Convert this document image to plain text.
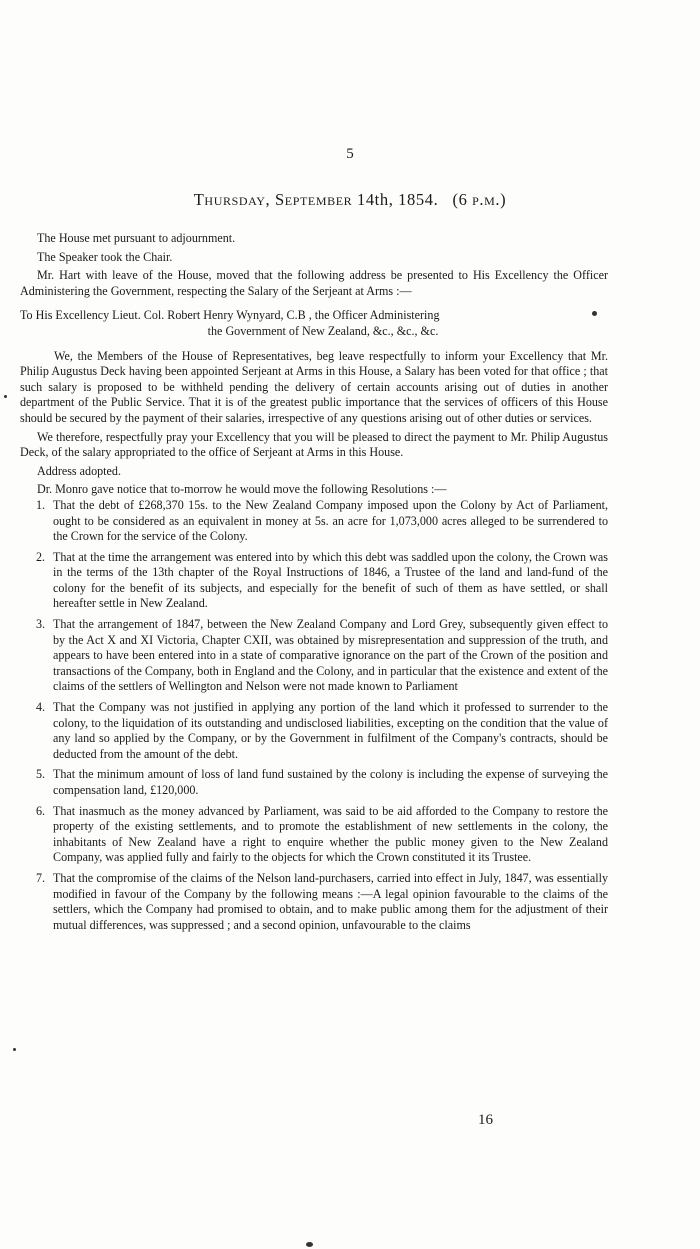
5
Thursday, September 14th, 1854. (6 p.m.)

The House met pursuant to adjournment.

The Speaker took the Chair.

Mr. Hart with leave of the House, moved that the following address be presented to His Excellency the Officer Administering the Government, respecting the Salary of the Serjeant at Arms :—

To His Excellency Lieut. Col. Robert Henry Wynyard, C.B , the Officer Administering

the Government of New Zealand, &c., &c., &c.

We, the Members of the House of Representatives, beg leave respectfully to inform your Excellency that Mr. Philip Augustus Deck having been appointed Serjeant at Arms in this House, a Salary has been voted for that office ; that such salary is proposed to be withheld pending the delivery of certain accounts arising out of duties in another department of the Public Service. That it is of the greatest public importance that the services of officers of this House should be secured by the payment of their salaries, irrespective of any questions arising out of other duties or services.

We therefore, respectfully pray your Excellency that you will be pleased to direct the payment to Mr. Philip Augustus Deck, of the salary appropriated to the office of Serjeant at Arms in this House.

Address adopted.

Dr. Monro gave notice that to-morrow he would move the following Resolutions :—

1. That the debt of £268,370 15s. to the New Zealand Company imposed upon the Colony by Act of Parliament, ought to be considered as an equivalent in money at 5s. an acre for 1,073,000 acres alleged to be surrendered to the Crown for the service of the Colony.
2. That at the time the arrangement was entered into by which this debt was saddled upon the colony, the Crown was in the terms of the 13th chapter of the Royal Instructions of 1846, a Trustee of the land and land-fund of the colony for the benefit of its subjects, and especially for the benefit of such of them as have settled, or shall hereafter settle in New Zealand.
3. That the arrangement of 1847, between the New Zealand Company and Lord Grey, subsequently given effect to by the Act X and XI Victoria, Chapter CXII, was obtained by misrepresentation and suppression of the truth, and appears to have been entered into in a state of comparative ignorance on the part of the Crown of the position and transactions of the Company, both in England and the Colony, and in particular that the existence and extent of the claims of the settlers of Wellington and Nelson were not made known to Parliament
4. That the Company was not justified in applying any portion of the land which it professed to surrender to the colony, to the liquidation of its outstanding and undisclosed liabilities, excepting on the condition that the value of any land so applied by the Company, or by the Government in fulfilment of the Company's contracts, should be deducted from the amount of the debt.
5. That the minimum amount of loss of land fund sustained by the colony is including the expense of surveying the compensation land, £120,000.
6. That inasmuch as the money advanced by Parliament, was said to be aid afforded to the Company to restore the property of the existing settlements, and to promote the establishment of new settlements in the colony, the inhabitants of New Zealand have a right to enquire whether the public money given to the New Zealand Company, was applied fully and fairly to the objects for which the Crown constituted it its Trustee.
7. That the compromise of the claims of the Nelson land-purchasers, carried into effect in July, 1847, was essentially modified in favour of the Company by the following means :—A legal opinion favourable to the claims of the settlers, which the Company had promised to obtain, and to make public among them for the adjustment of their mutual differences, was suppressed ; and a second opinion, unfavourable to the claims
16
